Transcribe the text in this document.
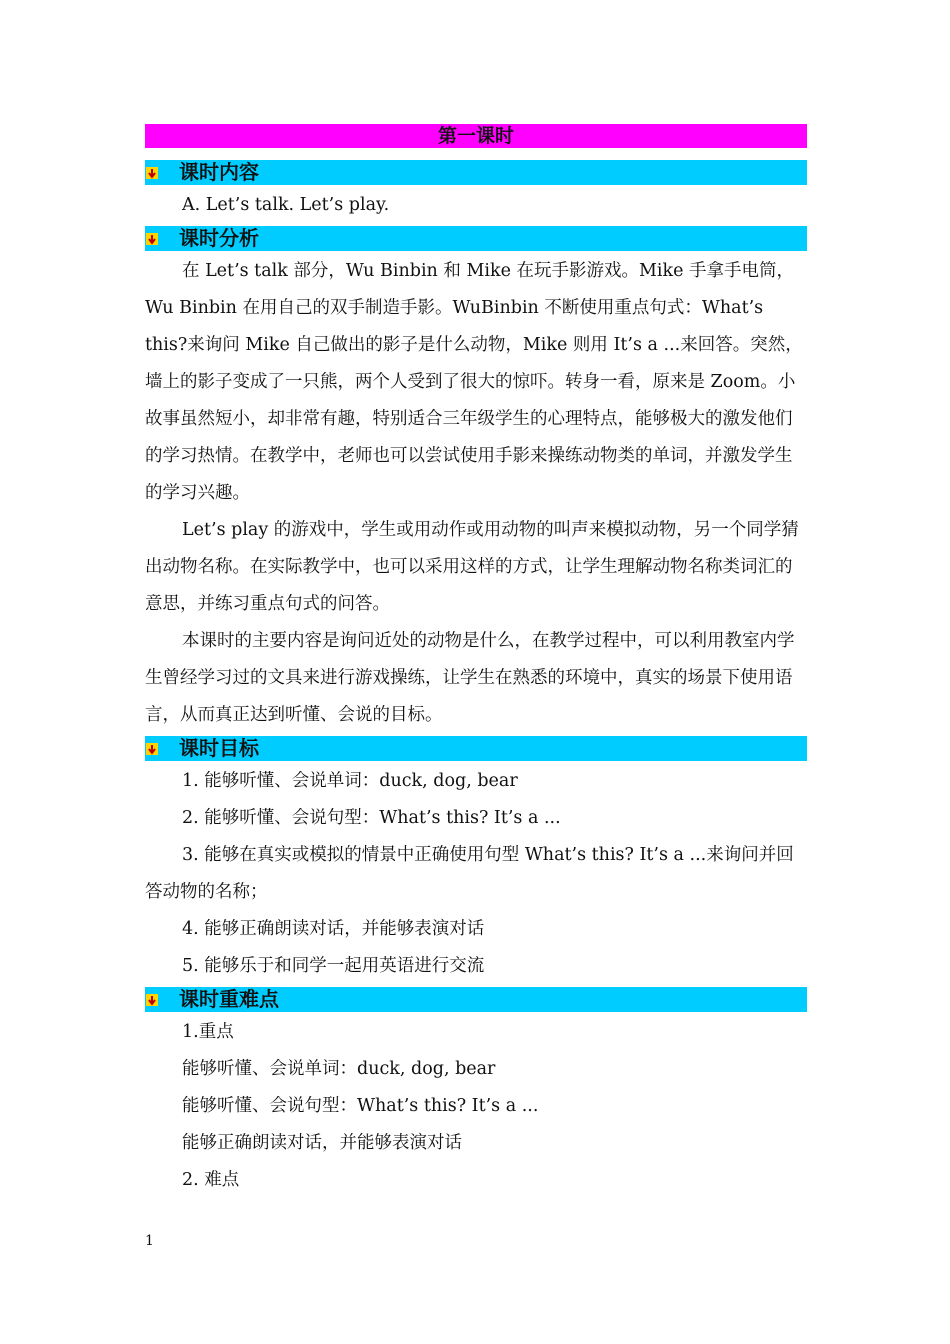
第一课时
课时内容

A. Let’s talk. Let’s play.

课时分析

在 Let’s talk 部分，Wu Binbin 和 Mike 在玩手影游戏。Mike 手拿手电筒，Wu Binbin 在用自己的双手制造手影。WuBinbin 不断使用重点句式：What’s this?来询问 Mike 自己做出的影子是什么动物，Mike 则用 It’s a ...来回答。突然，墙上的影子变成了一只熊，两个人受到了很大的惊吓。转身一看，原来是 Zoom。小故事虽然短小，却非常有趣，特别适合三年级学生的心理特点，能够极大的激发他们的学习热情。在教学中，老师也可以尝试使用手影来操练动物类的单词，并激发学生的学习兴趣。

Let’s play 的游戏中，学生或用动作或用动物的叫声来模拟动物，另一个同学猜出动物名称。在实际教学中，也可以采用这样的方式，让学生理解动物名称类词汇的意思，并练习重点句式的问答。

本课时的主要内容是询问近处的动物是什么，在教学过程中，可以利用教室内学生曾经学习过的文具来进行游戏操练，让学生在熟悉的环境中，真实的场景下使用语言，从而真正达到听懂、会说的目标。

课时目标

1. 能够听懂、会说单词：duck, dog, bear

2. 能够听懂、会说句型：What’s this? It’s a ...

3. 能够在真实或模拟的情景中正确使用句型 What’s this? It’s a ...来询问并回答动物的名称；

4. 能够正确朗读对话，并能够表演对话

5. 能够乐于和同学一起用英语进行交流

课时重难点

1.重点

能够听懂、会说单词：duck, dog, bear

能够听懂、会说句型：What’s this? It’s a ...

能够正确朗读对话，并能够表演对话

2. 难点

1
